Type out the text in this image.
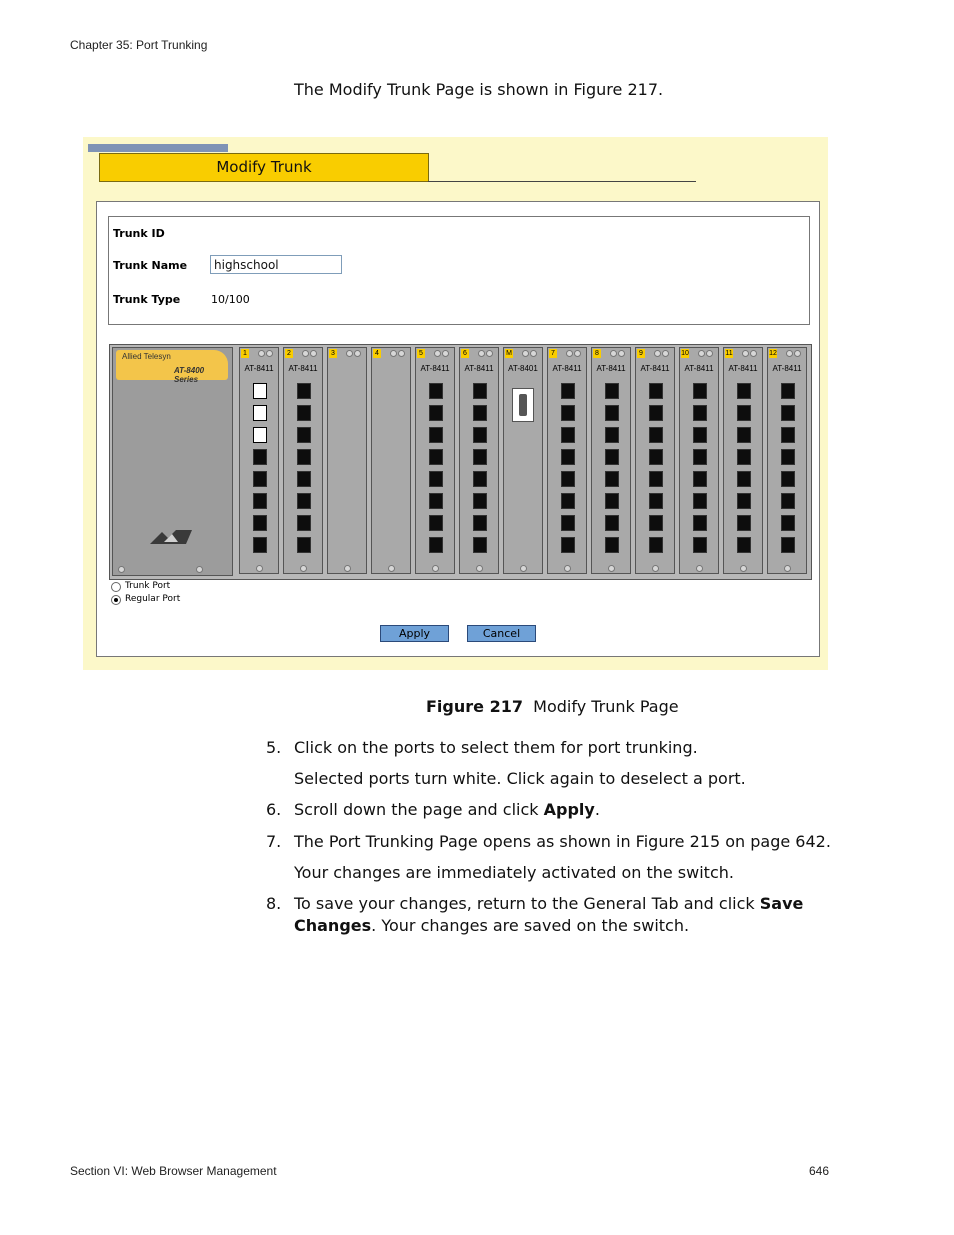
Chapter 35: Port Trunking
The Modify Trunk Page is shown in Figure 217.
Modify Trunk
Trunk ID
Trunk Name	highschool
Trunk Type	10/100
Allied Telesyn
AT-8400 Series
1
AT-8411
2
AT-8411
3	4	5
AT-8411
6
AT-8411
M
AT-8401
7
AT-8411
8
AT-8411
9
AT-8411
10
AT-8411
11
AT-8411
12
AT-8411
Trunk Port
Regular Port
Apply	Cancel
Figure 217 Modify Trunk Page
5. Click on the ports to select them for port trunking.
Selected ports turn white. Click again to deselect a port.
6. Scroll down the page and click Apply.
7. The Port Trunking Page opens as shown in Figure 215 on page 642.
Your changes are immediately activated on the switch.
8. To save your changes, return to the General Tab and click Save
Changes. Your changes are saved on the switch.
Section VI: Web Browser Management	646
